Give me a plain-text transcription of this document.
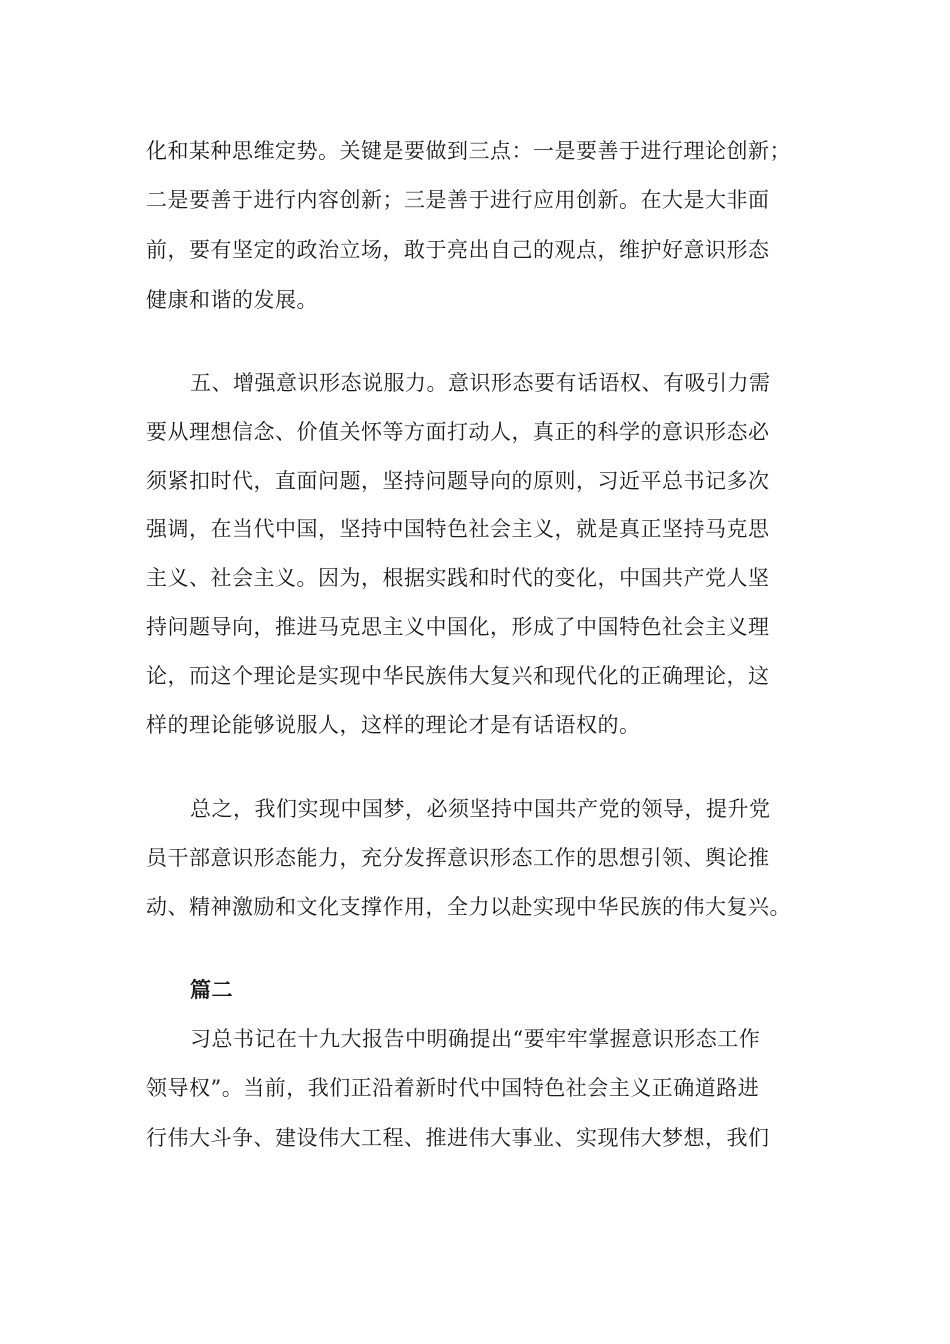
化和某种思维定势。关键是要做到三点：一是要善于进行理论创新；
二是要善于进行内容创新；三是善于进行应用创新。在大是大非面
前，要有坚定的政治立场，敢于亮出自己的观点，维护好意识形态
健康和谐的发展。
五、增强意识形态说服力。意识形态要有话语权、有吸引力需
要从理想信念、价值关怀等方面打动人，真正的科学的意识形态必
须紧扣时代，直面问题，坚持问题导向的原则，习近平总书记多次
强调，在当代中国，坚持中国特色社会主义，就是真正坚持马克思
主义、社会主义。因为，根据实践和时代的变化，中国共产党人坚
持问题导向，推进马克思主义中国化，形成了中国特色社会主义理
论，而这个理论是实现中华民族伟大复兴和现代化的正确理论，这
样的理论能够说服人，这样的理论才是有话语权的。
总之，我们实现中国梦，必须坚持中国共产党的领导，提升党
员干部意识形态能力，充分发挥意识形态工作的思想引领、舆论推
动、精神激励和文化支撑作用，全力以赴实现中华民族的伟大复兴。
篇二
习总书记在十九大报告中明确提出“要牢牢掌握意识形态工作
领导权”。当前，我们正沿着新时代中国特色社会主义正确道路进
行伟大斗争、建设伟大工程、推进伟大事业、实现伟大梦想，我们
